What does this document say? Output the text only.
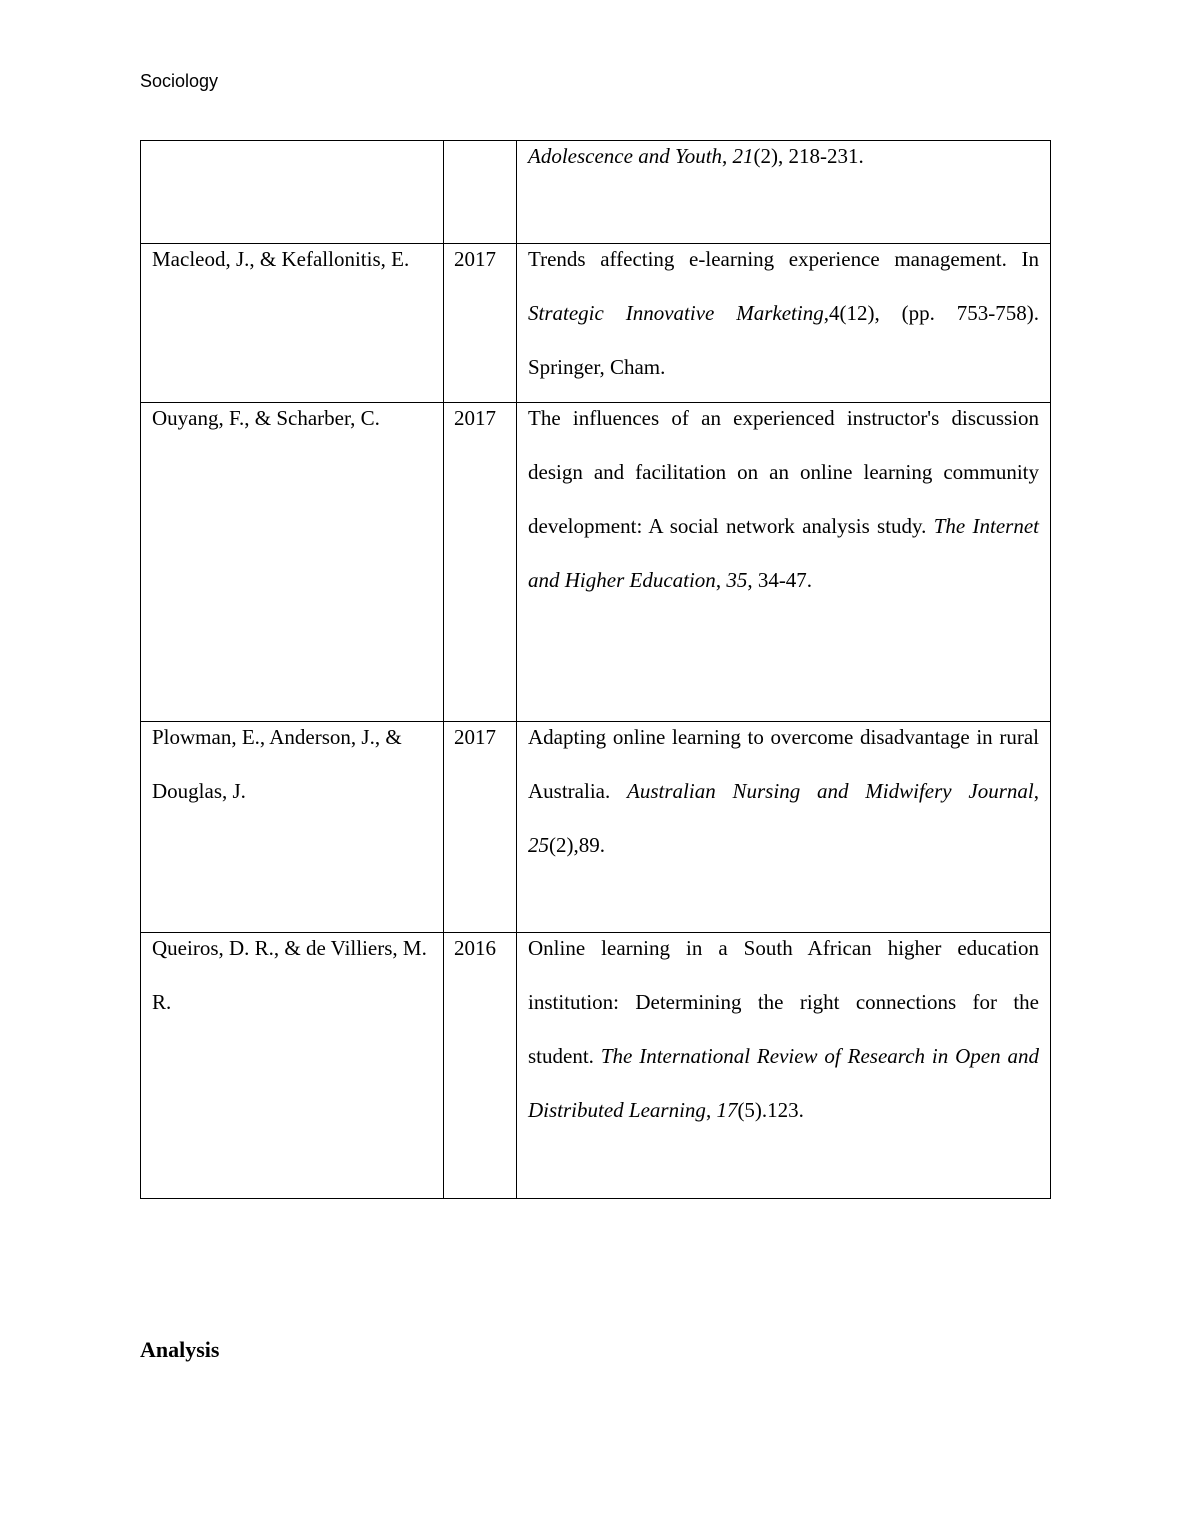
Sociology

		Adolescence and Youth, 21(2), 218-231.

Macleod, J., & Kefallonitis, E.	2017	Trends affecting e-learning experience management. In Strategic Innovative Marketing,4(12), (pp. 753-758). Springer, Cham.

Ouyang, F., & Scharber, C.	2017	The influences of an experienced instructor's discussion design and facilitation on an online learning community development: A social network analysis study. The Internet and Higher Education, 35, 34-47.

Plowman, E., Anderson, J., & Douglas, J.	2017	Adapting online learning to overcome disadvantage in rural Australia. Australian Nursing and Midwifery Journal, 25(2),89.

Queiros, D. R., & de Villiers, M. R.	2016	Online learning in a South African higher education institution: Determining the right connections for the student. The International Review of Research in Open and Distributed Learning, 17(5).123.
Analysis
